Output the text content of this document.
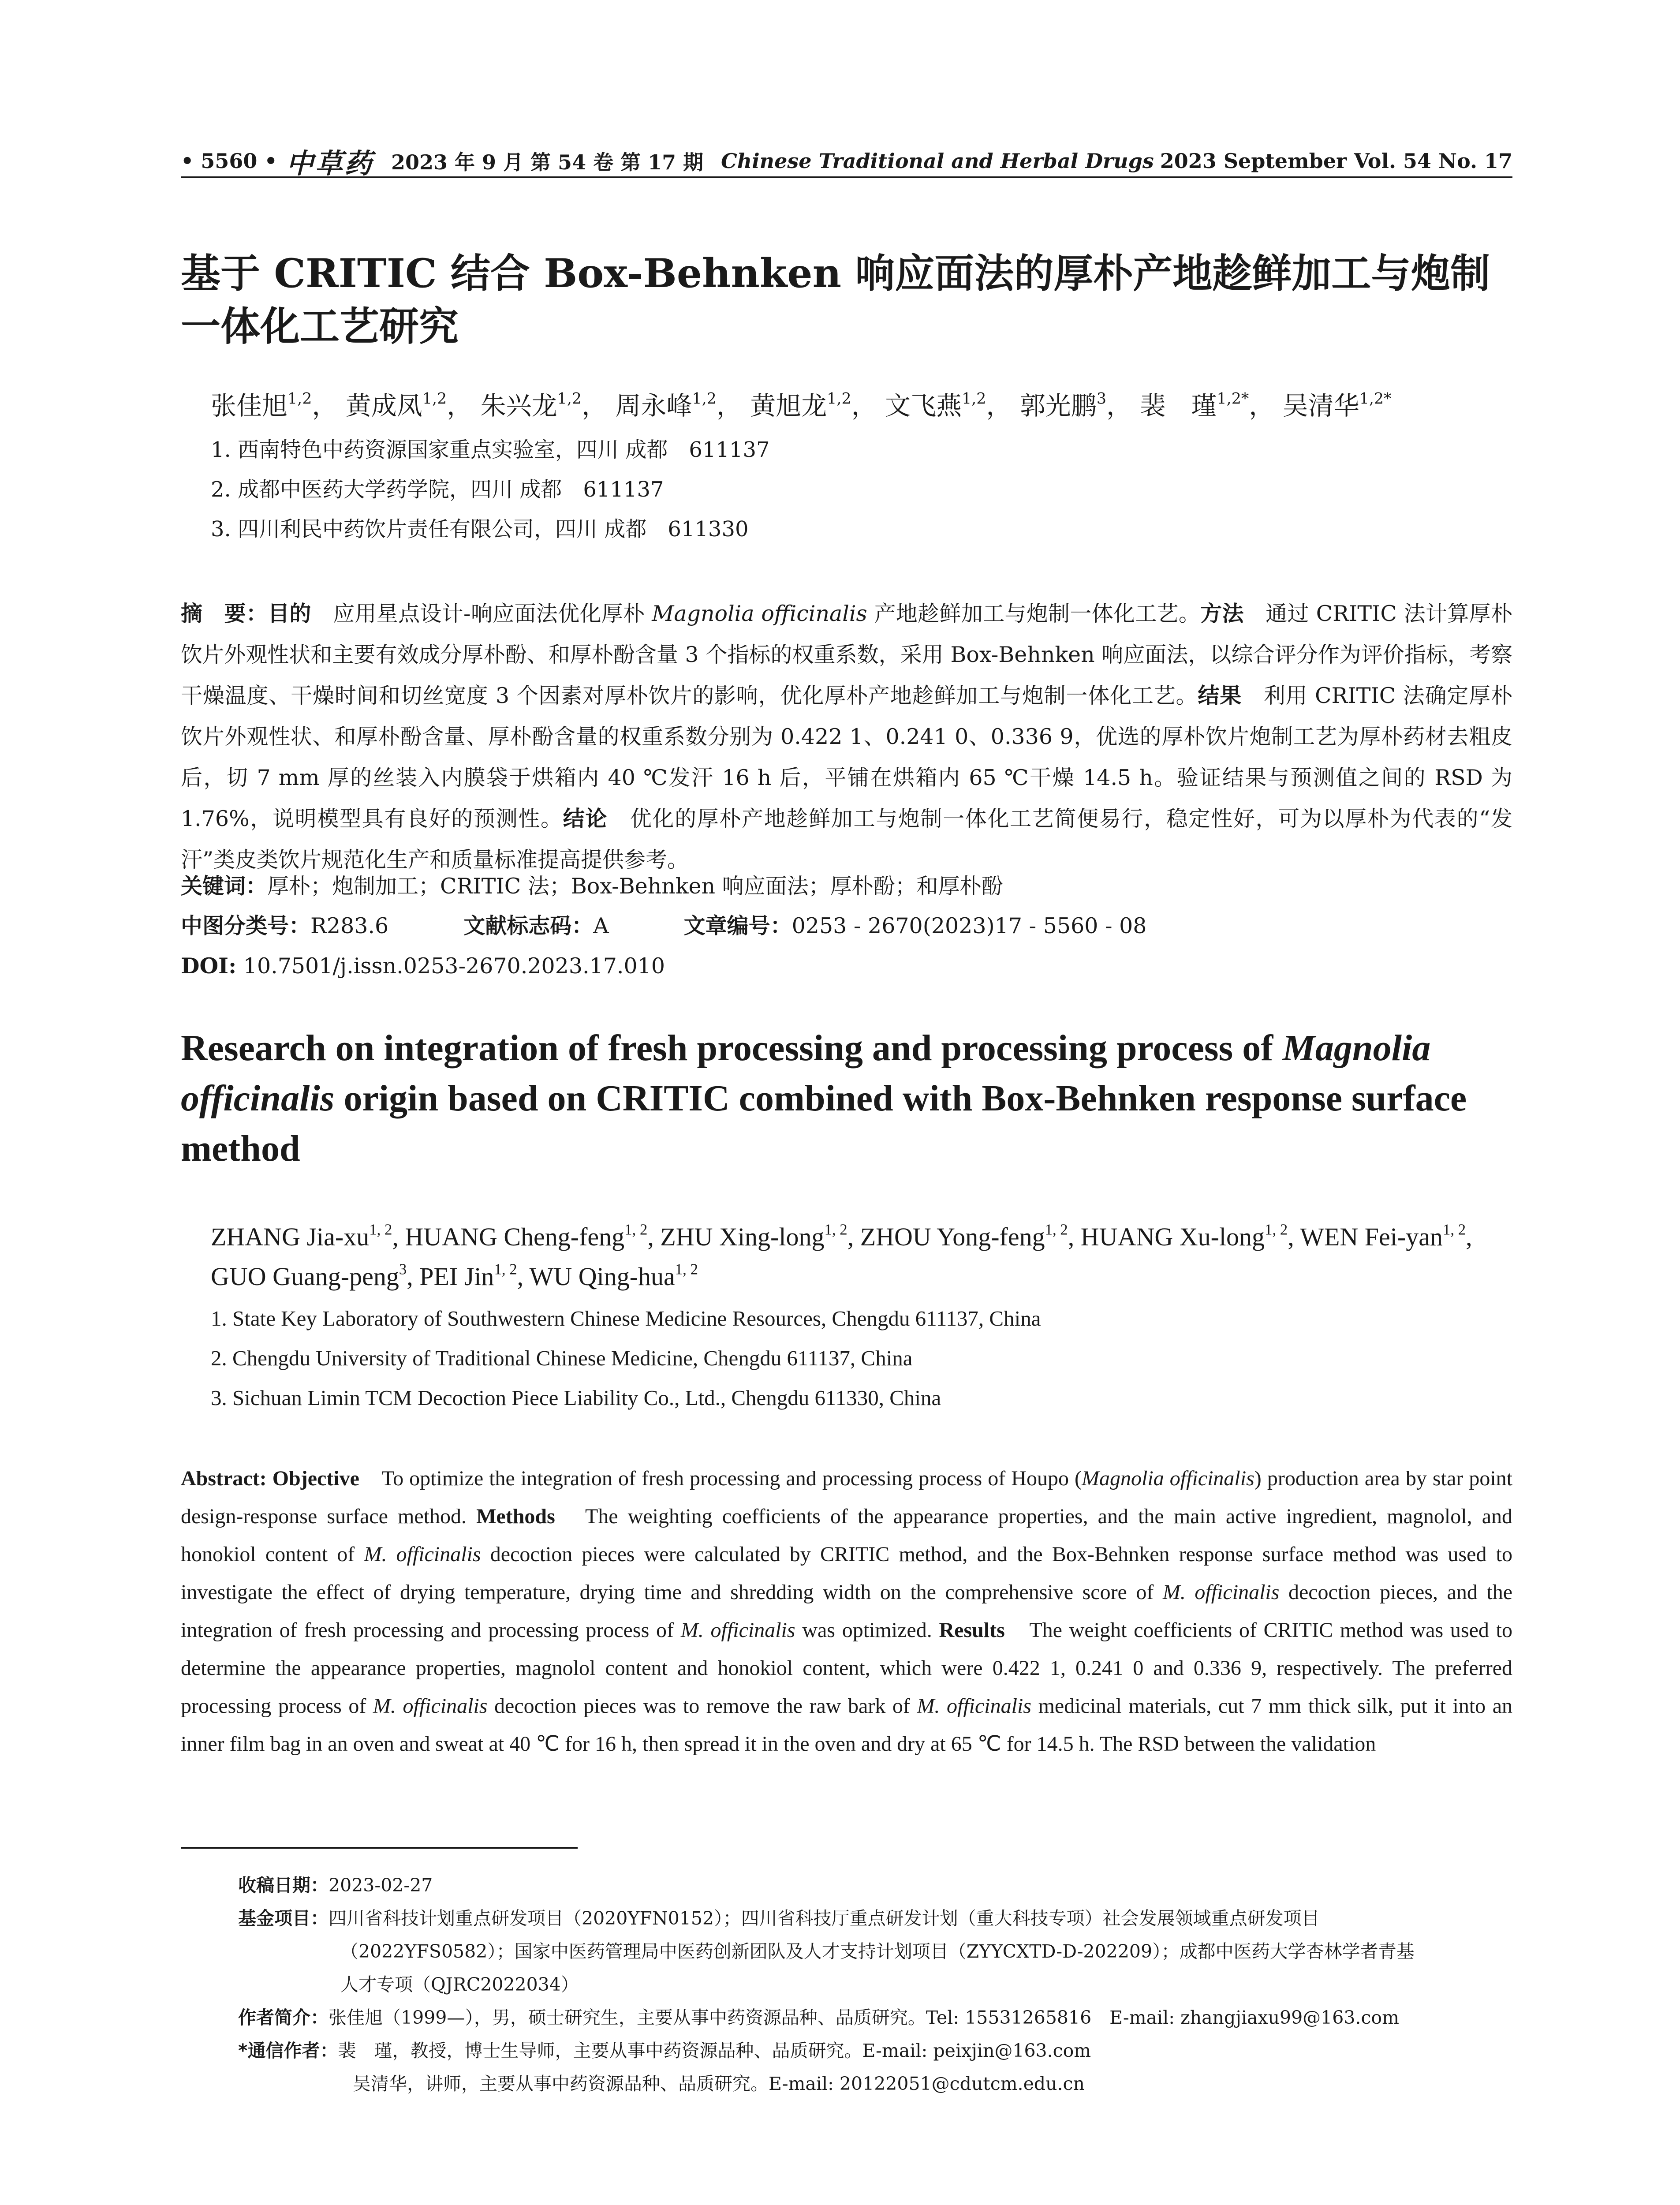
• 5560 • 中草药 2023 年 9 月 第 54 卷 第 17 期 Chinese Traditional and Herbal Drugs 2023 September Vol. 54 No. 17
基于 CRITIC 结合 Box-Behnken 响应面法的厚朴产地趁鲜加工与炮制一体化工艺研究
张佳旭$^{1,2}$， 黄成凤$^{1,2}$， 朱兴龙$^{1,2}$， 周永峰$^{1,2}$， 黄旭龙$^{1,2}$， 文飞燕$^{1,2}$， 郭光鹏$^3$， 裴　瑾$^{1,2*}$， 吴清华$^{1,2*}$
1. 西南特色中药资源国家重点实验室，四川 成都　611137
2. 成都中医药大学药学院，四川 成都　611137
3. 四川利民中药饮片责任有限公司，四川 成都　611330

摘　要：目的　 应用星点设计-响应面法优化厚朴 Magnolia officinalis 产地趁鲜加工与炮制一体化工艺。方法　 通过 CRITIC 法计算厚朴饮片外观性状和主要有效成分厚朴酚、和厚朴酚含量 3 个指标的权重系数，采用 Box-Behnken 响应面法，以综合评分作为评价指标，考察干燥温度、干燥时间和切丝宽度 3 个因素对厚朴饮片的影响，优化厚朴产地趁鲜加工与炮制一体化工艺。结果　 利用 CRITIC 法确定厚朴饮片外观性状、和厚朴酚含量、厚朴酚含量的权重系数分别为 0.422 1、0.241 0、0.336 9，优选的厚朴饮片炮制工艺为厚朴药材去粗皮后，切 7 mm 厚的丝装入内膜袋于烘箱内 40 ℃发汗 16 h 后，平铺在烘箱内 65 ℃干燥 14.5 h。验证结果与预测值之间的 RSD 为 1.76%，说明模型具有良好的预测性。结论　 优化的厚朴产地趁鲜加工与炮制一体化工艺简便易行，稳定性好，可为以厚朴为代表的“发汗”类皮类饮片规范化生产和质量标准提高提供参考。

关键词：厚朴；炮制加工；CRITIC 法；Box-Behnken 响应面法；厚朴酚；和厚朴酚
中图分类号：R283.6	文献标志码：A	文章编号：0253 - 2670(2023)17 - 5560 - 08
DOI: 10.7501/j.issn.0253-2670.2023.17.010
Research on integration of fresh processing and processing process of Magnolia officinalis origin based on CRITIC combined with Box-Behnken response surface method
ZHANG Jia-xu$^{1, 2}$, HUANG Cheng-feng$^{1, 2}$, ZHU Xing-long$^{1, 2}$, ZHOU Yong-feng$^{1, 2}$, HUANG Xu-long$^{1, 2}$, WEN Fei-yan$^{1, 2}$, GUO Guang-peng$^3$, PEI Jin$^{1, 2}$, WU Qing-hua$^{1, 2}$
1. State Key Laboratory of Southwestern Chinese Medicine Resources, Chengdu 611137, China
2. Chengdu University of Traditional Chinese Medicine, Chengdu 611137, China
3. Sichuan Limin TCM Decoction Piece Liability Co., Ltd., Chengdu 611330, China

Abstract: Objective　 To optimize the integration of fresh processing and processing process of Houpo (Magnolia officinalis) production area by star point design-response surface method. Methods　 The weighting coefficients of the appearance properties, and the main active ingredient, magnolol, and honokiol content of M. officinalis decoction pieces were calculated by CRITIC method, and the Box-Behnken response surface method was used to investigate the effect of drying temperature, drying time and shredding width on the comprehensive score of M. officinalis decoction pieces, and the integration of fresh processing and processing process of M. officinalis was optimized. Results　 The weight coefficients of CRITIC method was used to determine the appearance properties, magnolol content and honokiol content, which were 0.422 1, 0.241 0 and 0.336 9, respectively. The preferred processing process of M. officinalis decoction pieces was to remove the raw bark of M. officinalis medicinal materials, cut 7 mm thick silk, put it into an inner film bag in an oven and sweat at 40 ℃ for 16 h, then spread it in the oven and dry at 65 ℃ for 14.5 h. The RSD between the validation

收稿日期：2023-02-27
基金项目：四川省科技计划重点研发项目（2020YFN0152）；四川省科技厅重点研发计划（重大科技专项）社会发展领域重点研发项目
（2022YFS0582）；国家中医药管理局中医药创新团队及人才支持计划项目（ZYYCXTD-D-202209）；成都中医药大学杏林学者青基
人才专项（QJRC2022034）
作者简介：张佳旭（1999—），男，硕士研究生，主要从事中药资源品种、品质研究。Tel: 15531265816　E-mail: zhangjiaxu99@163.com
*通信作者：裴　瑾，教授，博士生导师，主要从事中药资源品种、品质研究。E-mail: peixjin@163.com
吴清华，讲师，主要从事中药资源品种、品质研究。E-mail: 20122051@cdutcm.edu.cn
